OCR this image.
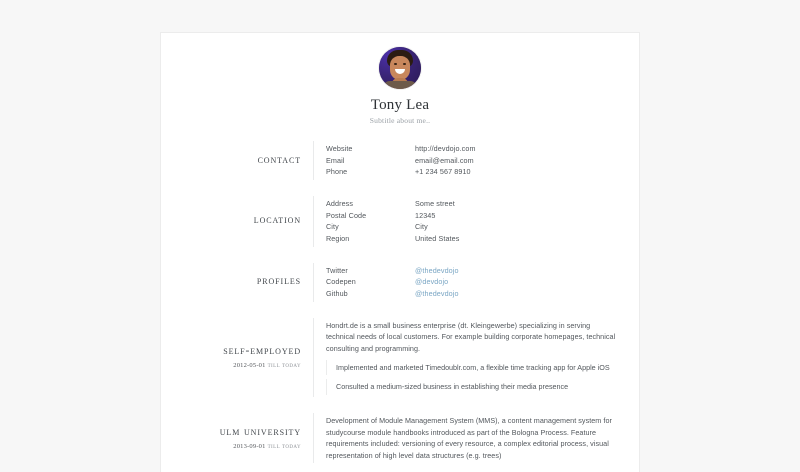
Tony Lea
Subtitle about me..
contact
Website	http://devdojo.com
Email	email@email.com
Phone	+1 234 567 8910
location
Address	Some street
Postal Code	12345
City	City
Region	United States
profiles
Twitter	@thedevdojo
Codepen	@devdojo
Github	@thedevdojo
self-employed
2012-05-01 till today
Hondrt.de is a small business enterprise (dt. Kleingewerbe) specializing in serving technical needs of local customers. For example building corporate homepages, technical consulting and programming.
Implemented and marketed Timedoublr.com, a flexible time tracking app for Apple iOS
Consulted a medium-sized business in establishing their media presence
ulm university
2013-09-01 till today
Development of Module Management System (MMS), a content management system for studycourse module handbooks introduced as part of the Bologna Process. Feature requirements included: versioning of every resource, a complex editorial process, visual representation of high level data structures (e.g. trees)
